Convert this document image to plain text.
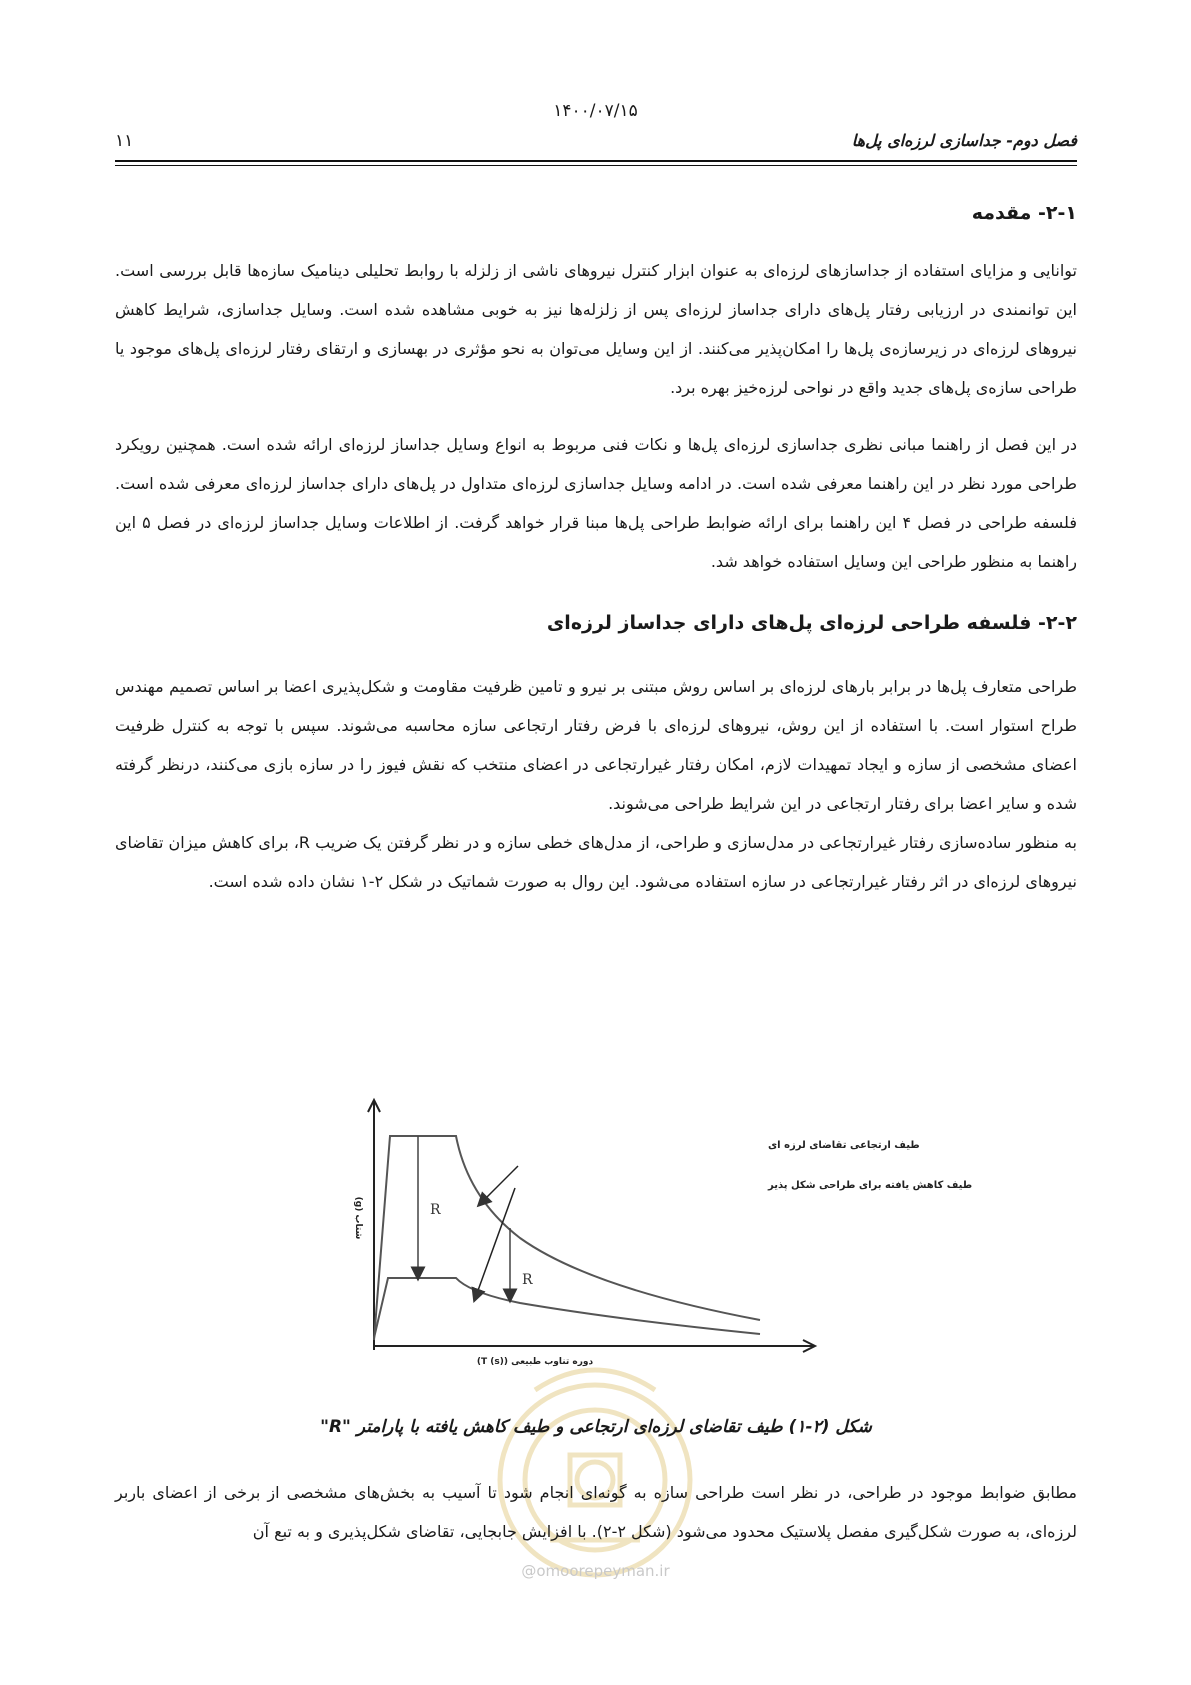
۱۴۰۰/۰۷/۱۵
فصل دوم- جداسازی لرزه‌ای پل‌ها
۱۱
۲-۱- مقدمه
توانایی و مزایای استفاده از جداسازهای لرزه‌ای به عنوان ابزار کنترل نیروهای ناشی از زلزله با روابط تحلیلی دینامیک سازه‌ها قابل بررسی است. این توانمندی در ارزیابی رفتار پل‌های دارای جداساز لرزه‌ای پس از زلزله‌ها نیز به خوبی مشاهده شده است. وسایل جداسازی، شرایط کاهش نیروهای لرزه‌ای در زیرسازه‌ی پل‌ها را امکان‌پذیر می‌کنند. از این وسایل می‌توان به نحو مؤثری در بهسازی و ارتقای رفتار لرزه‌ای پل‌های موجود یا طراحی سازه‌ی پل‌های جدید واقع در نواحی لرزه‌خیز بهره برد.
در این فصل از راهنما مبانی نظری جداسازی لرزه‌ای پل‌ها و نکات فنی مربوط به انواع وسایل جداساز لرزه‌ای ارائه شده است. همچنین رویکرد طراحی مورد نظر در این راهنما معرفی شده است. در ادامه وسایل جداسازی لرزه‌ای متداول در پل‌های دارای جداساز لرزه‌ای معرفی شده است. فلسفه طراحی در فصل ۴ این راهنما برای ارائه ضوابط طراحی پل‌ها مبنا قرار خواهد گرفت. از اطلاعات وسایل جداساز لرزه‌ای در فصل ۵ این راهنما به منظور طراحی این وسایل استفاده خواهد شد.
۲-۲- فلسفه طراحی لرزه‌ای پل‌های دارای جداساز لرزه‌ای
طراحی متعارف پل‌ها در برابر بارهای لرزه‌ای بر اساس روش مبتنی بر نیرو و تامین ظرفیت مقاومت و شکل‌پذیری اعضا بر اساس تصمیم مهندس طراح استوار است. با استفاده از این روش، نیروهای لرزه‌ای با فرض رفتار ارتجاعی سازه محاسبه می‌شوند. سپس با توجه به کنترل ظرفیت اعضای مشخصی از سازه و ایجاد تمهیدات لازم، امکان رفتار غیرارتجاعی در اعضای منتخب که نقش فیوز را در سازه بازی می‌کنند، درنظر گرفته شده و سایر اعضا برای رفتار ارتجاعی در این شرایط طراحی می‌شوند.
به منظور ساده‌سازی رفتار غیرارتجاعی در مدل‌سازی و طراحی، از مدل‌های خطی سازه و در نظر گرفتن یک ضریب R، برای کاهش میزان تقاضای نیروهای لرزه‌ای در اثر رفتار غیرارتجاعی در سازه استفاده می‌شود. این روال به صورت شماتیک در شکل ۲-۱ نشان داده شده است.
@omoorepeyman.ir
R
R
طیف ارتجاعی تقاضای لرزه ای
طیف کاهش یافته برای طراحی شکل پذیر
شتاب (g)
دوره تناوب طبیعی ((s) T)
شکل (۲-۱) طیف تقاضای لرزه‌ای ارتجاعی و طیف کاهش یافته با پارامتر "R"
مطابق ضوابط موجود در طراحی، در نظر است طراحی سازه به گونه‌ای انجام شود تا آسیب به بخش‌های مشخصی از برخی از اعضای باربر لرزه‌ای، به صورت شکل‌گیری مفصل پلاستیک محدود می‌شود (شکل ۲-۲). با افزایش جابجایی، تقاضای شکل‌پذیری و به تبع آن
